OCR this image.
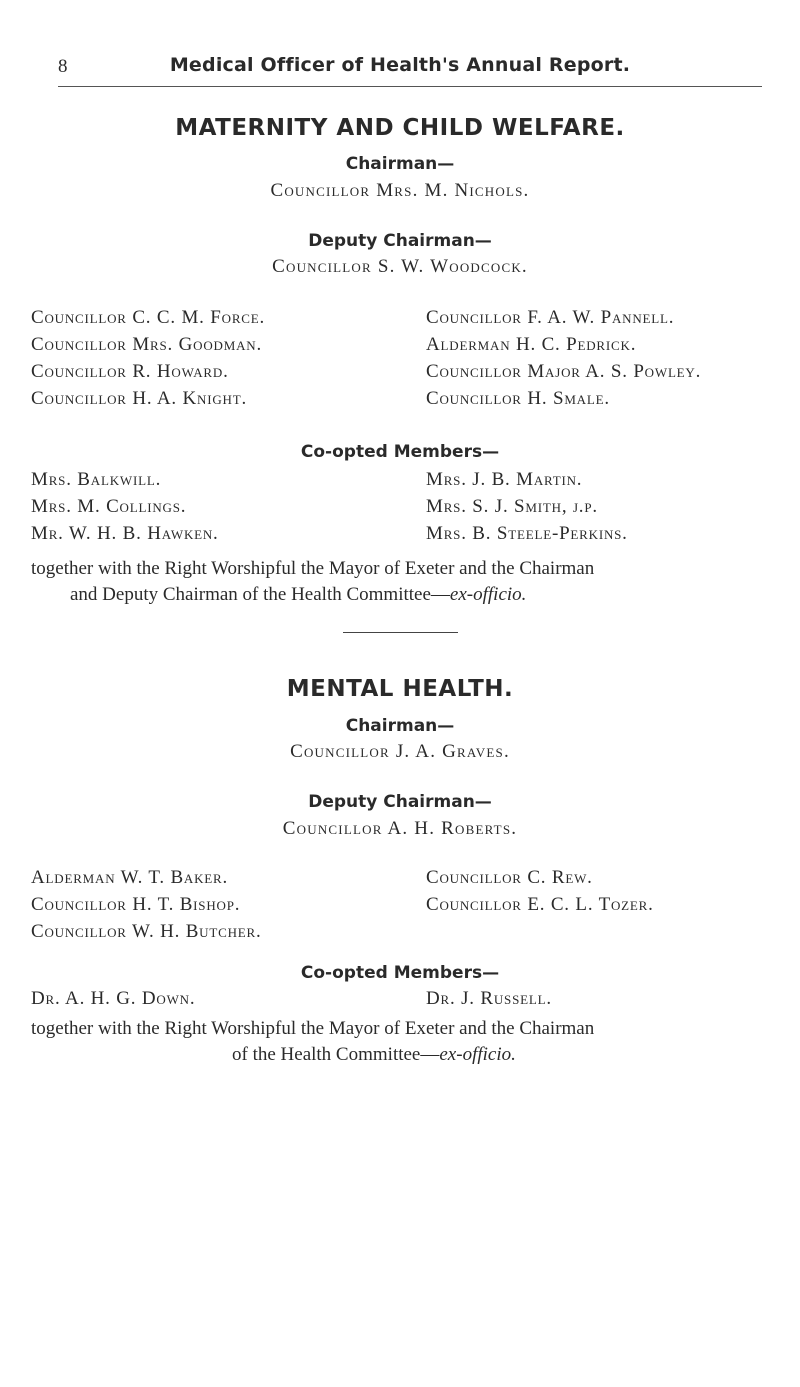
8	Medical Officer of Health's Annual Report.
MATERNITY AND CHILD WELFARE.
Chairman—
Councillor Mrs. M. Nichols.
Deputy Chairman—
Councillor S. W. Woodcock.
Councillor C. C. M. Force.
Councillor Mrs. Goodman.
Councillor R. Howard.
Councillor H. A. Knight.
Councillor F. A. W. Pannell.
Alderman H. C. Pedrick.
Councillor Major A. S. Powley.
Councillor H. Smale.
Co-opted Members—
Mrs. Balkwill.
Mrs. M. Collings.
Mr. W. H. B. Hawken.
Mrs. J. B. Martin.
Mrs. S. J. Smith, j.p.
Mrs. B. Steele-Perkins.
together with the Right Worshipful the Mayor of Exeter and the Chairman
and Deputy Chairman of the Health Committee—ex-officio.
MENTAL HEALTH.
Chairman—
Councillor J. A. Graves.
Deputy Chairman—
Councillor A. H. Roberts.
Alderman W. T. Baker.
Councillor H. T. Bishop.
Councillor W. H. Butcher.
Councillor C. Rew.
Councillor E. C. L. Tozer.
Co-opted Members—
Dr. A. H. G. Down.	Dr. J. Russell.
together with the Right Worshipful the Mayor of Exeter and the Chairman
of the Health Committee—ex-officio.
